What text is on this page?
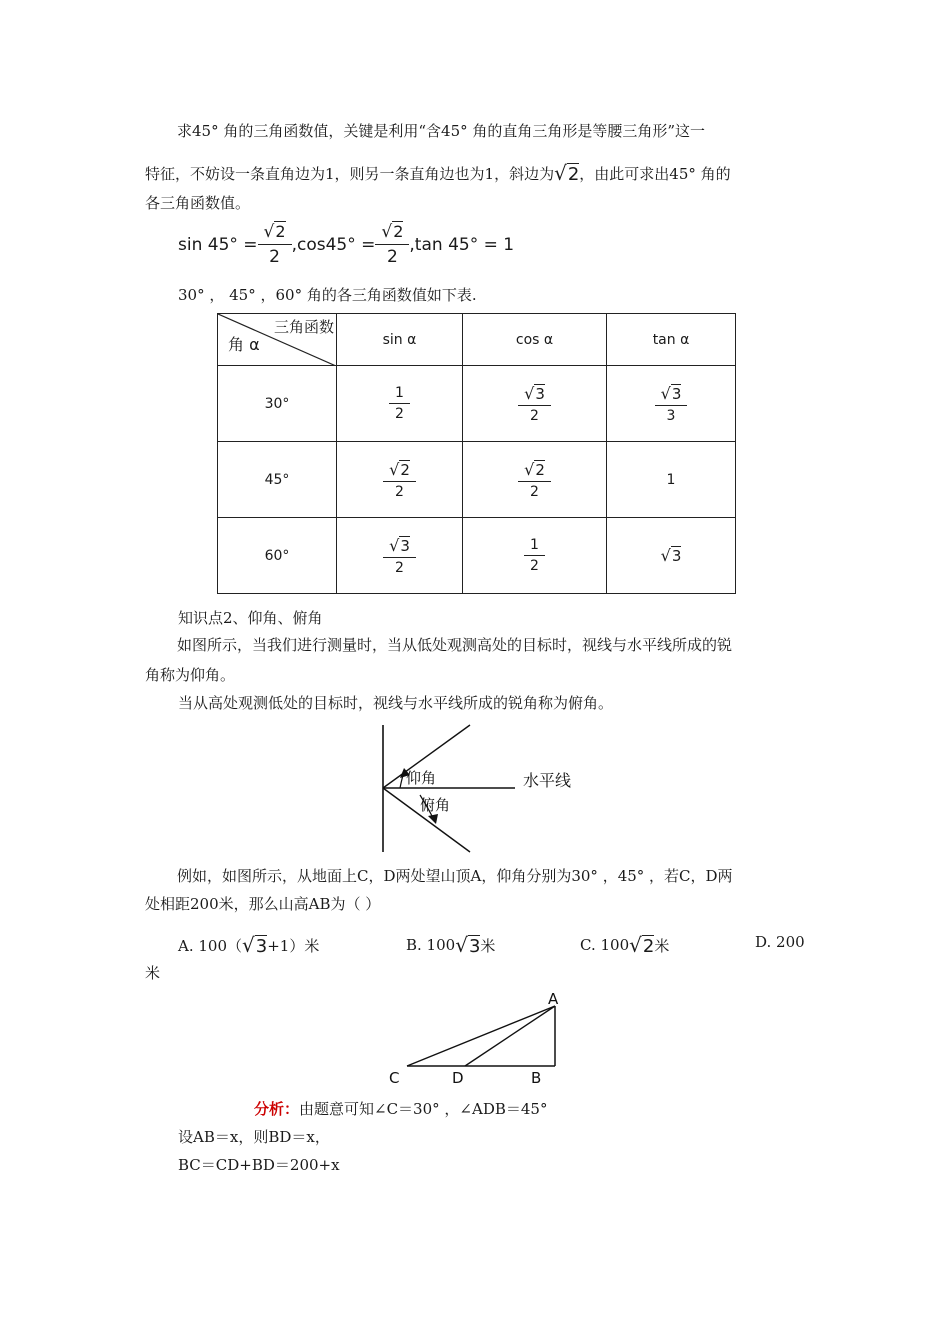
求45° 角的三角函数值，关键是利用“含45° 角的直角三角形是等腰三角形”这一
特征，不妨设一条直角边为1，则另一条直角边也为1，斜边为 √2 ，由此可求出45° 角的
各三角函数值。
$\sin 45^\circ = \frac{√2}{2} ,\cos 45^\circ = \frac{√2}{2} ,\tan$ 45° = 1
30° ， 45° ，60° 角的各三角函数值如下表.
三角函数
角 α	sin α	cos α	tan α
30°	$\frac{1}{2}$	$\frac{√3}{2}$	$\frac{√3}{3}$

45°	$\frac{√2}{2}$	$\frac{√2}{2}$	1
60°	$\frac{√3}{2}$	$\frac{1}{2}$	√3
知识点2、仰角、俯角
如图所示，当我们进行测量时，当从低处观测高处的目标时，视线与水平线所成的锐
角称为仰角。
当从高处观测低处的目标时，视线与水平线所成的锐角称为俯角。
仰角
俯角
水平线
例如，如图所示，从地面上C，D两处望山顶A，仰角分别为30° ，45° ，若C，D两
处相距200米，那么山高AB为（ ）
A. 100（ √3 +1）米	B. 100 √3 米	C. 100 √2 米	D. 200
米
A
B
C	D
分析：由题意可知∠C＝30° ，∠ADB＝45°
设AB＝x，则BD＝x，
BC＝CD+BD＝200+x
